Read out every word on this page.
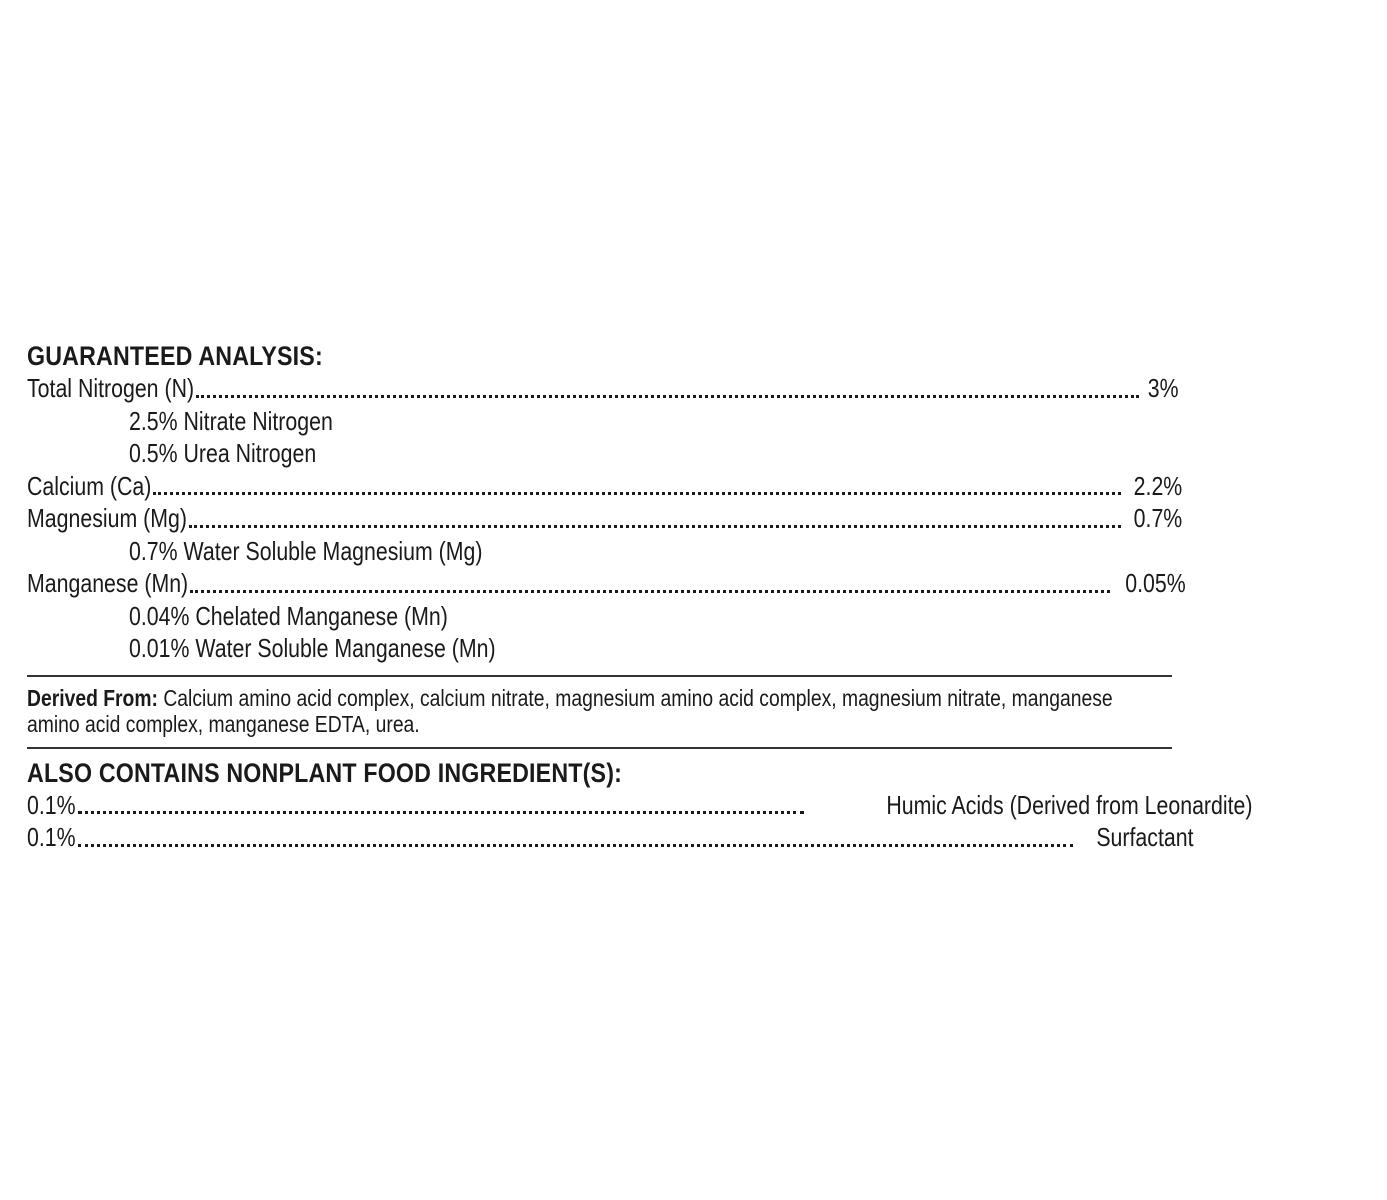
GUARANTEED ANALYSIS:
Total Nitrogen (N)	3%
2.5% Nitrate Nitrogen
0.5% Urea Nitrogen
Calcium (Ca)	2.2%
Magnesium (Mg)	0.7%
0.7% Water Soluble Magnesium (Mg)
Manganese (Mn)	0.05%
0.04% Chelated Manganese (Mn)
0.01% Water Soluble Manganese (Mn)
Derived From: Calcium amino acid complex, calcium nitrate, magnesium amino acid complex, magnesium nitrate, manganese amino acid complex, manganese EDTA, urea.
ALSO CONTAINS NONPLANT FOOD INGREDIENT(S):
0.1%	Humic Acids (Derived from Leonardite)
0.1%	Surfactant
